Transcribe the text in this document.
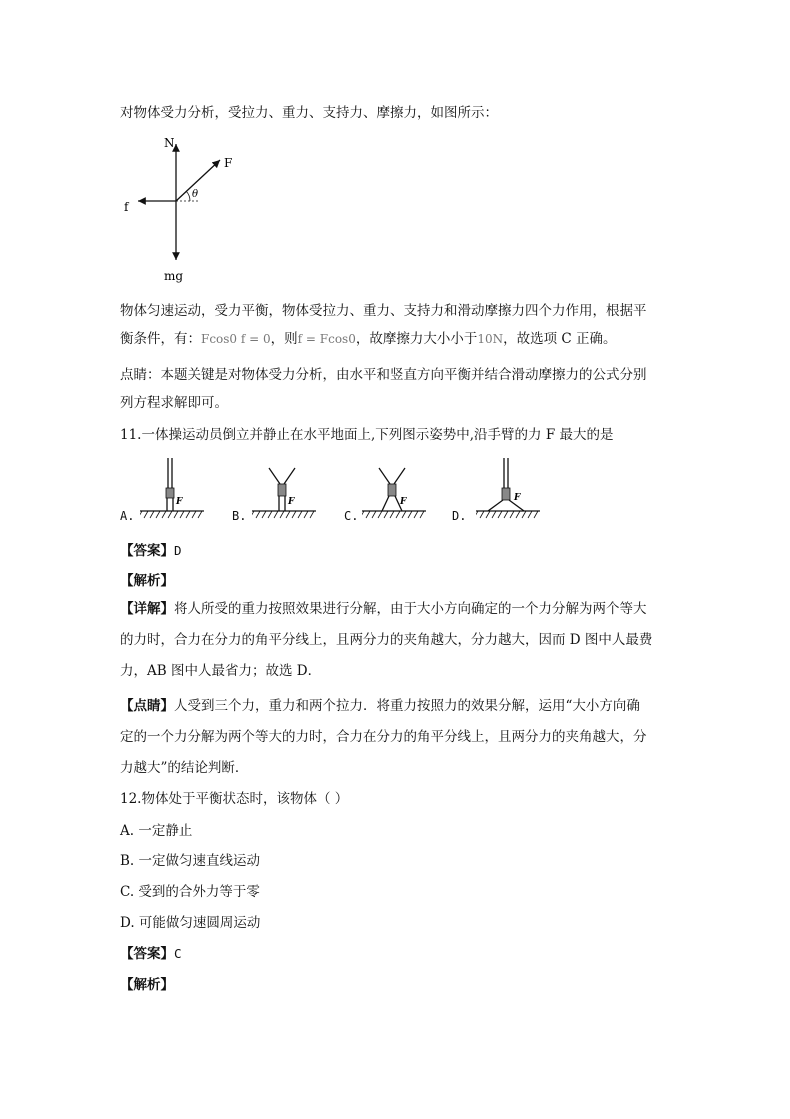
对物体受力分析，受拉力、重力、支持力、摩擦力，如图所示：
N
F
f
θ
mg
物体匀速运动，受力平衡，物体受拉力、重力、支持力和滑动摩擦力四个力作用，根据平
衡条件，有：Fcos0 f = 0，则f = Fcos0，故摩擦力大小小于10N，故选项 C 正确。
点睛：本题关键是对物体受力分析，由水平和竖直方向平衡并结合滑动摩擦力的公式分别
列方程求解即可。
11.一体操运动员倒立并静止在水平地面上,下列图示姿势中,沿手臂的力 F 最大的是
A.
F
B.
F
C.
F
D.
F
【答案】D
【解析】
【详解】将人所受的重力按照效果进行分解，由于大小方向确定的一个力分解为两个等大
的力时，合力在分力的角平分线上，且两分力的夹角越大，分力越大，因而 D 图中人最费
力，AB 图中人最省力；故选 D．
【点睛】人受到三个力，重力和两个拉力．将重力按照力的效果分解，运用“大小方向确
定的一个力分解为两个等大的力时，合力在分力的角平分线上，且两分力的夹角越大，分
力越大”的结论判断．
12.物体处于平衡状态时，该物体（ ）
A. 一定静止
B. 一定做匀速直线运动
C. 受到的合外力等于零
D. 可能做匀速圆周运动
【答案】C
【解析】
